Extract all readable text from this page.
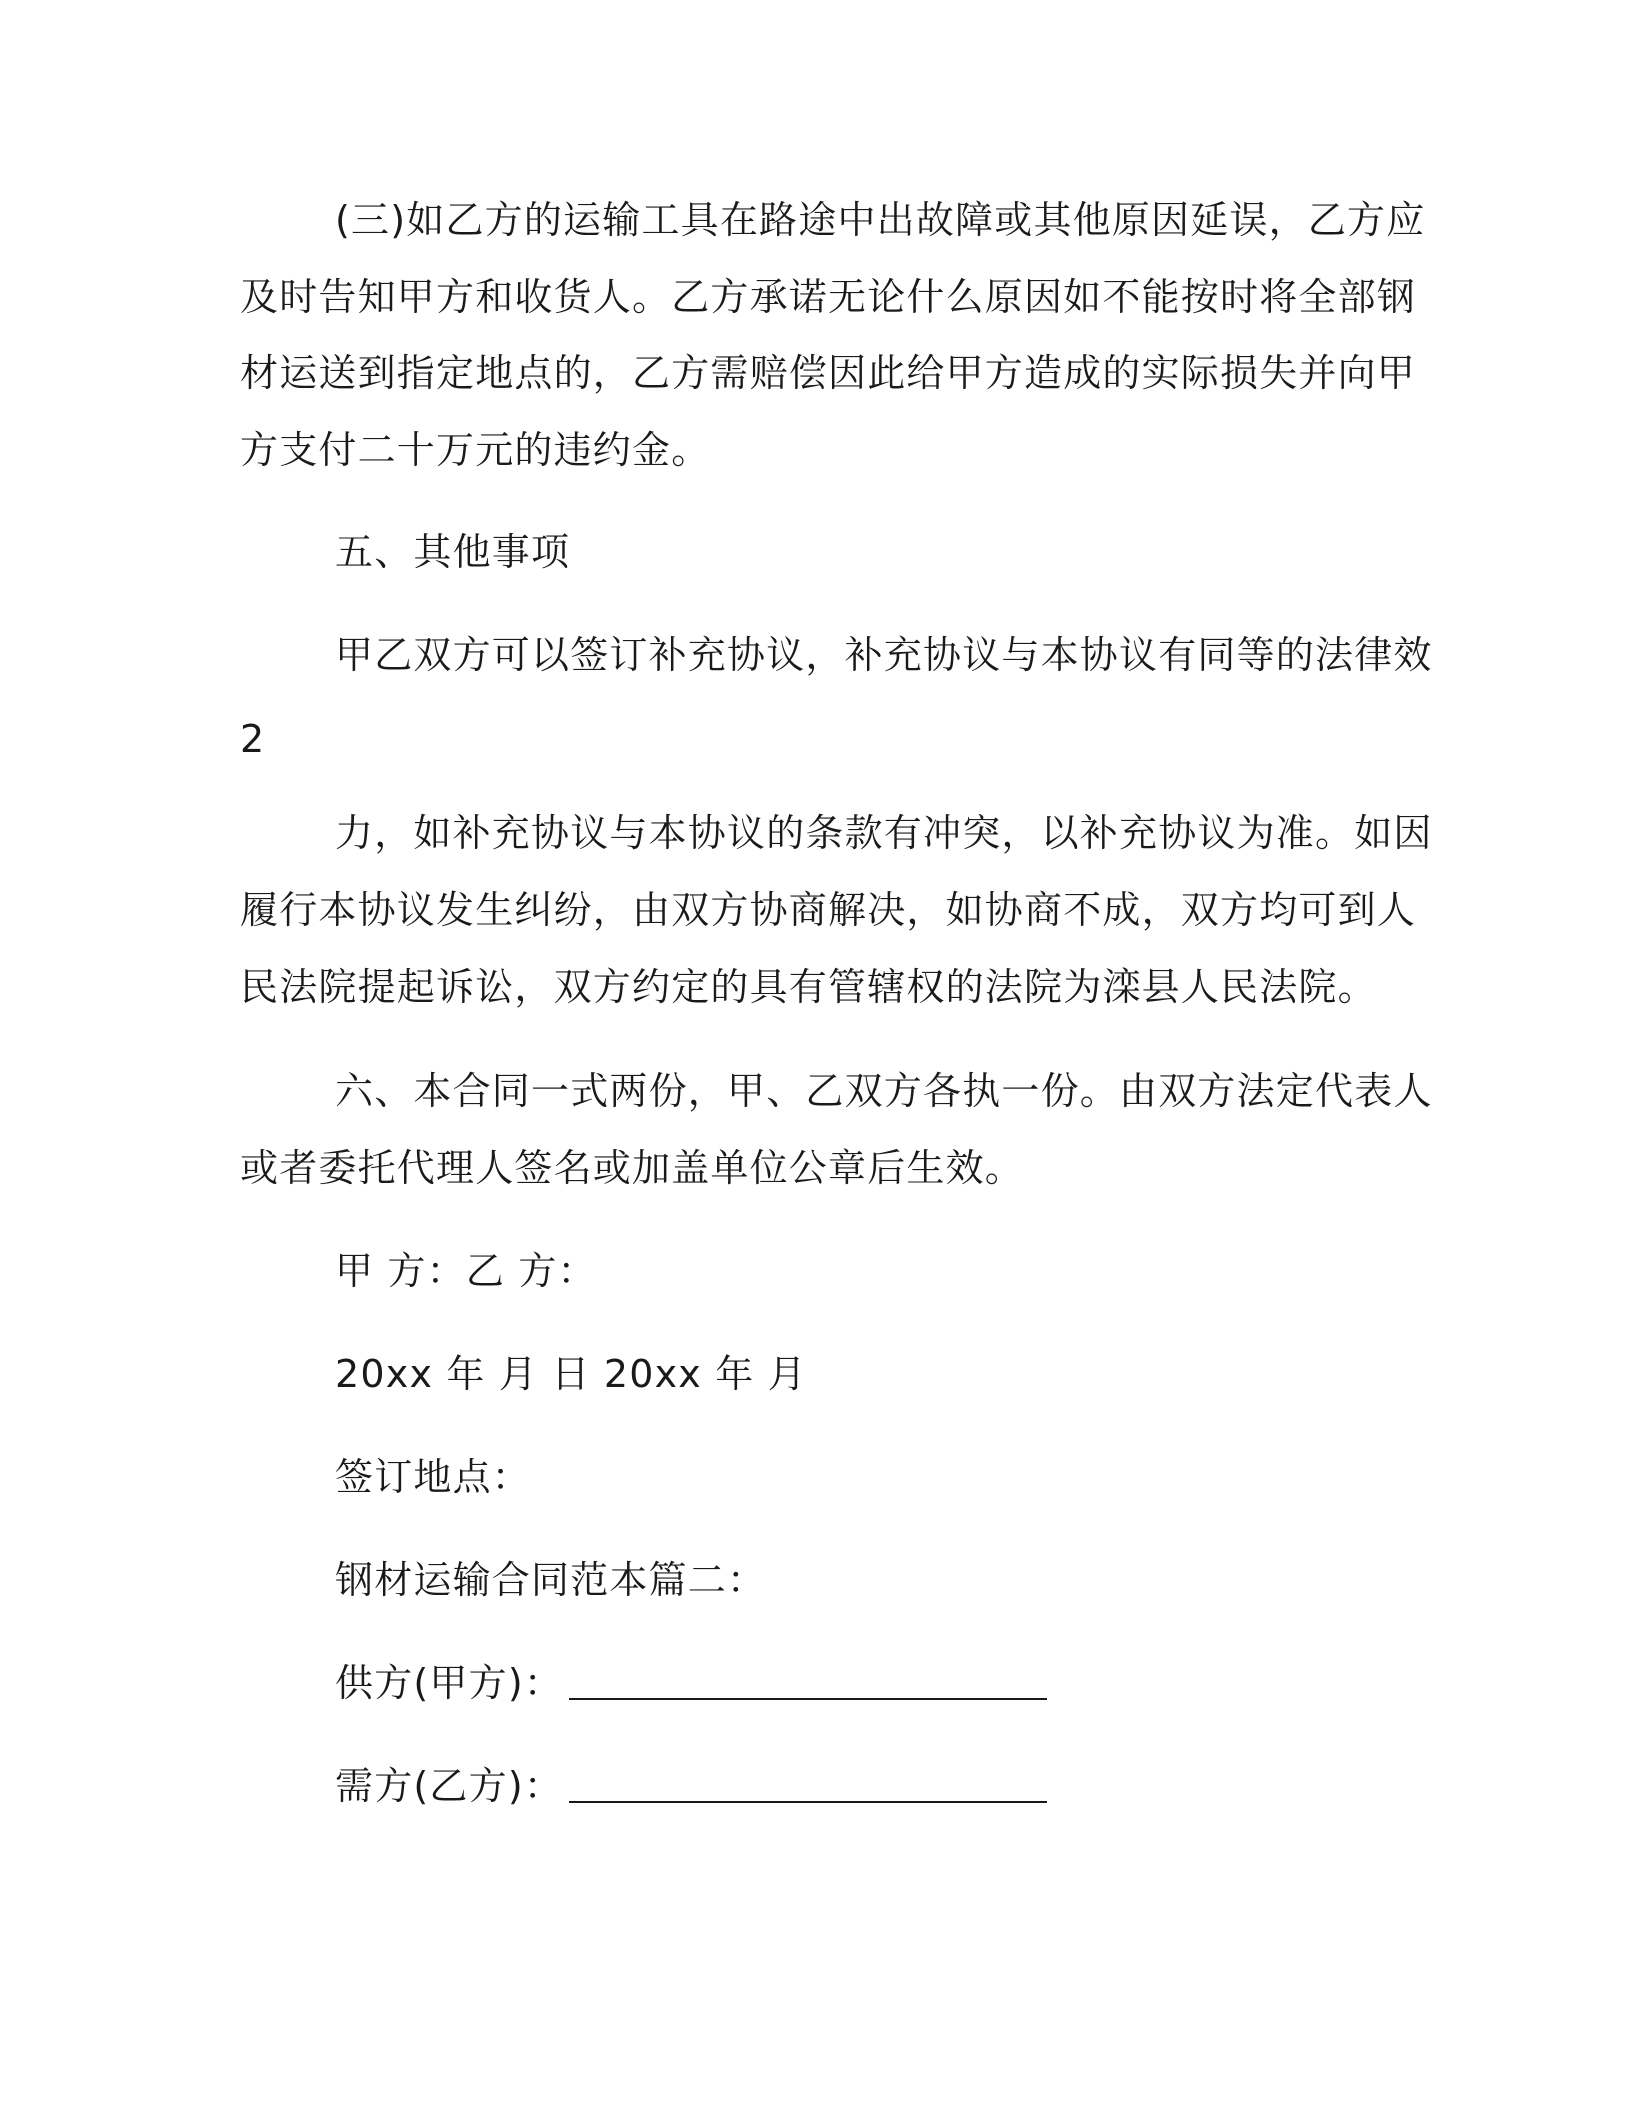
(三)如乙方的运输工具在路途中出故障或其他原因延误，乙方应
及时告知甲方和收货人。乙方承诺无论什么原因如不能按时将全部钢
材运送到指定地点的，乙方需赔偿因此给甲方造成的实际损失并向甲
方支付二十万元的违约金。
五、其他事项
甲乙双方可以签订补充协议，补充协议与本协议有同等的法律效
2
力，如补充协议与本协议的条款有冲突，以补充协议为准。如因
履行本协议发生纠纷，由双方协商解决，如协商不成，双方均可到人
民法院提起诉讼，双方约定的具有管辖权的法院为滦县人民法院。
六、本合同一式两份，甲、乙双方各执一份。由双方法定代表人
或者委托代理人签名或加盖单位公章后生效。
甲 方：乙 方：
20xx 年 月 日 20xx 年 月
签订地点：
钢材运输合同范本篇二：
供方(甲方)：
需方(乙方)：
